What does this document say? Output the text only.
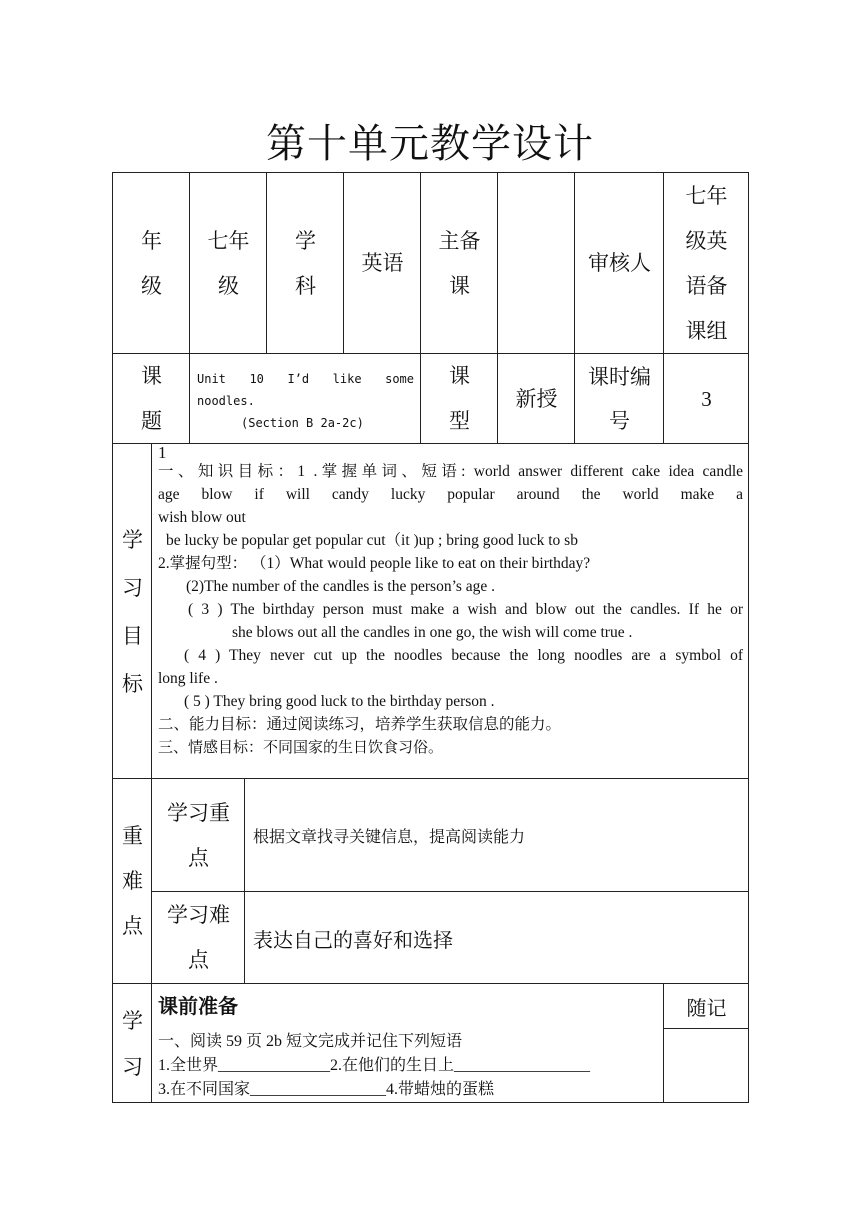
第十单元教学设计
年级
七年级
学科
英语
主备课
审核人
七年级英语备课组
课题
Unit 10 I’d like some
noodles.
(Section B 2a-2c)
课型
新授
课时编号
3
学习目标
1
一、知识目标：1 .掌握单词、短语: world answer different cake idea candle
age blow if will candy lucky popular around the world make a
wish blow out
be lucky be popular get popular cut（it )up ; bring good luck to sb
2.掌握句型： （1）What would people like to eat on their birthday?
(2)The number of the candles is the person’s age .
( 3 ) The birthday person must make a wish and blow out the candles. If he or
she blows out all the candles in one go, the wish will come true .
( 4 ) They never cut up the noodles because the long noodles are a symbol of
long life .
( 5 ) They bring good luck to the birthday person .
二、能力目标：通过阅读练习，培养学生获取信息的能力。
三、情感目标：不同国家的生日饮食习俗。
重难点
学习重点
根据文章找寻关键信息，提高阅读能力
学习难点
表达自己的喜好和选择
学习
课前准备
一、阅读 59 页 2b 短文完成并记住下列短语
1.全世界______________2.在他们的生日上_________________
3.在不同国家_________________4.带蜡烛的蛋糕
随记
